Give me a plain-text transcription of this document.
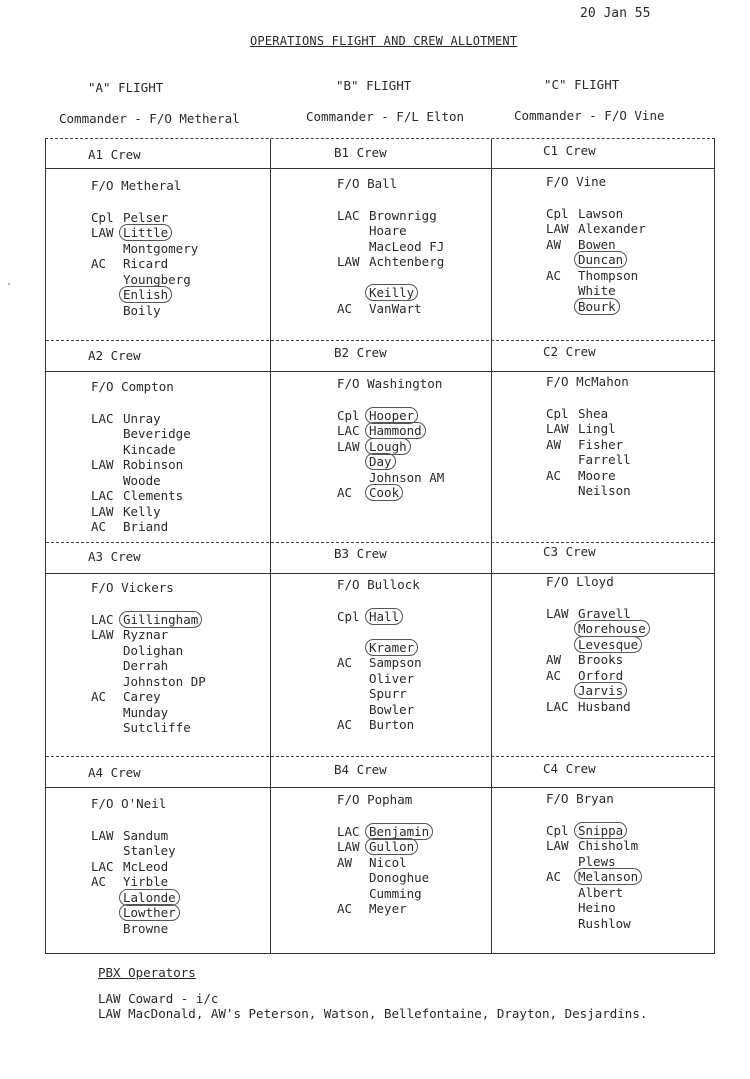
20 Jan 55
OPERATIONS FLIGHT AND CREW ALLOTMENT
"A" FLIGHT	"B" FLIGHT	"C" FLIGHT
Commander - F/O Metheral	Commander - F/L Elton	Commander - F/O Vine
PBX Operators
LAW Coward - i/c
LAW MacDonald, AW's Peterson, Watson, Bellefontaine, Drayton, Desjardins.
A1 Crew
F/O Metheral
Cpl Pelser
LAW Little
Montgomery
AC Ricard
Youngberg
Enlish
Boily
A2 Crew
F/O Compton
LAC Unray
Beveridge
Kincade
LAW Robinson
Woode
LAC Clements
LAW Kelly
AC Briand
A3 Crew
F/O Vickers
LAC Gillingham
LAW Ryznar
Dolighan
Derrah
Johnston DP
AC Carey
Munday
Sutcliffe
A4 Crew
F/O O'Neil
LAW Sandum
Stanley
LAC McLeod
AC Yirble
Lalonde
Lowther
Browne
B1 Crew
F/O Ball
LAC Brownrigg
Hoare
MacLeod FJ
LAW Achtenberg
Keilly
AC VanWart
B2 Crew
F/O Washington
Cpl Hooper
LAC Hammond
LAW Lough
Day
Johnson AM
AC Cook
B3 Crew
F/O Bullock
Cpl Hall
Kramer
AC Sampson
Oliver
Spurr
Bowler
AC Burton
B4 Crew
F/O Popham
LAC Benjamin
LAW Gullon
AW Nicol
Donoghue
Cumming
AC Meyer
C1 Crew
F/O Vine
Cpl Lawson
LAW Alexander
AW Bowen
Duncan
AC Thompson
White
Bourk
C2 Crew
F/O McMahon
Cpl Shea
LAW Lingl
AW Fisher
Farrell
AC Moore
Neilson
C3 Crew
F/O Lloyd
LAW Gravell
Morehouse
Levesque
AW Brooks
AC Orford
Jarvis
LAC Husband
C4 Crew
F/O Bryan
Cpl Snippa
LAW Chisholm
Plews
AC Melanson
Albert
Heino
Rushlow
